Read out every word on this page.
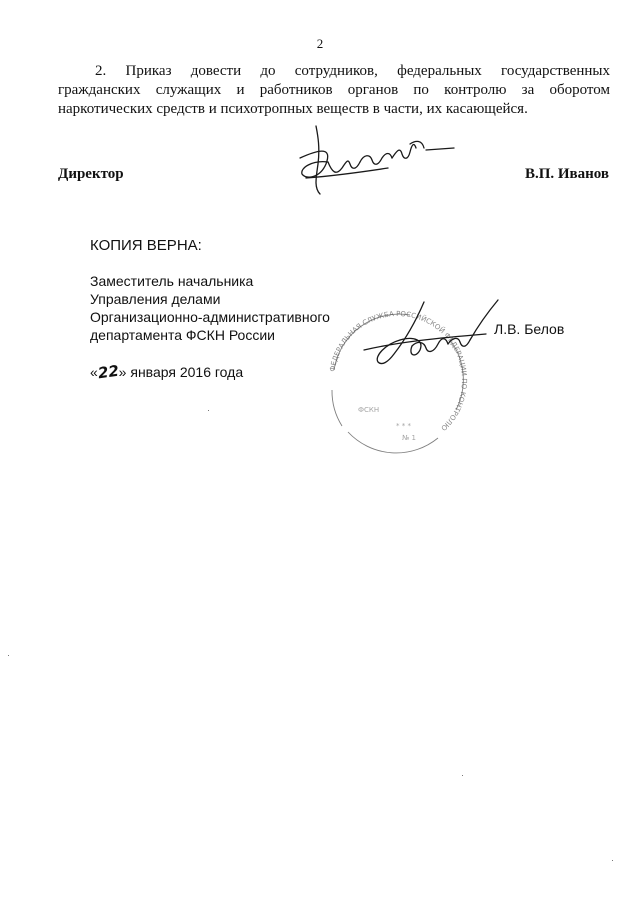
2
2. Приказ довести до сотрудников, федеральных государственных
гражданских служащих и работников органов по контролю за оборотом
наркотических средств и психотропных веществ в части, их касающейся.
Директор	В.П. Иванов
КОПИЯ ВЕРНА:
Заместитель начальника
Управления делами
Организационно-административного
департамента ФСКН России
ФЕДЕРАЛЬНАЯ СЛУЖБА РОССИЙСКОЙ ФЕДЕРАЦИИ ПО КОНТРОЛЮ
ФСКН
* * *
№ 1
Л.В. Белов
«22» января 2016 года
